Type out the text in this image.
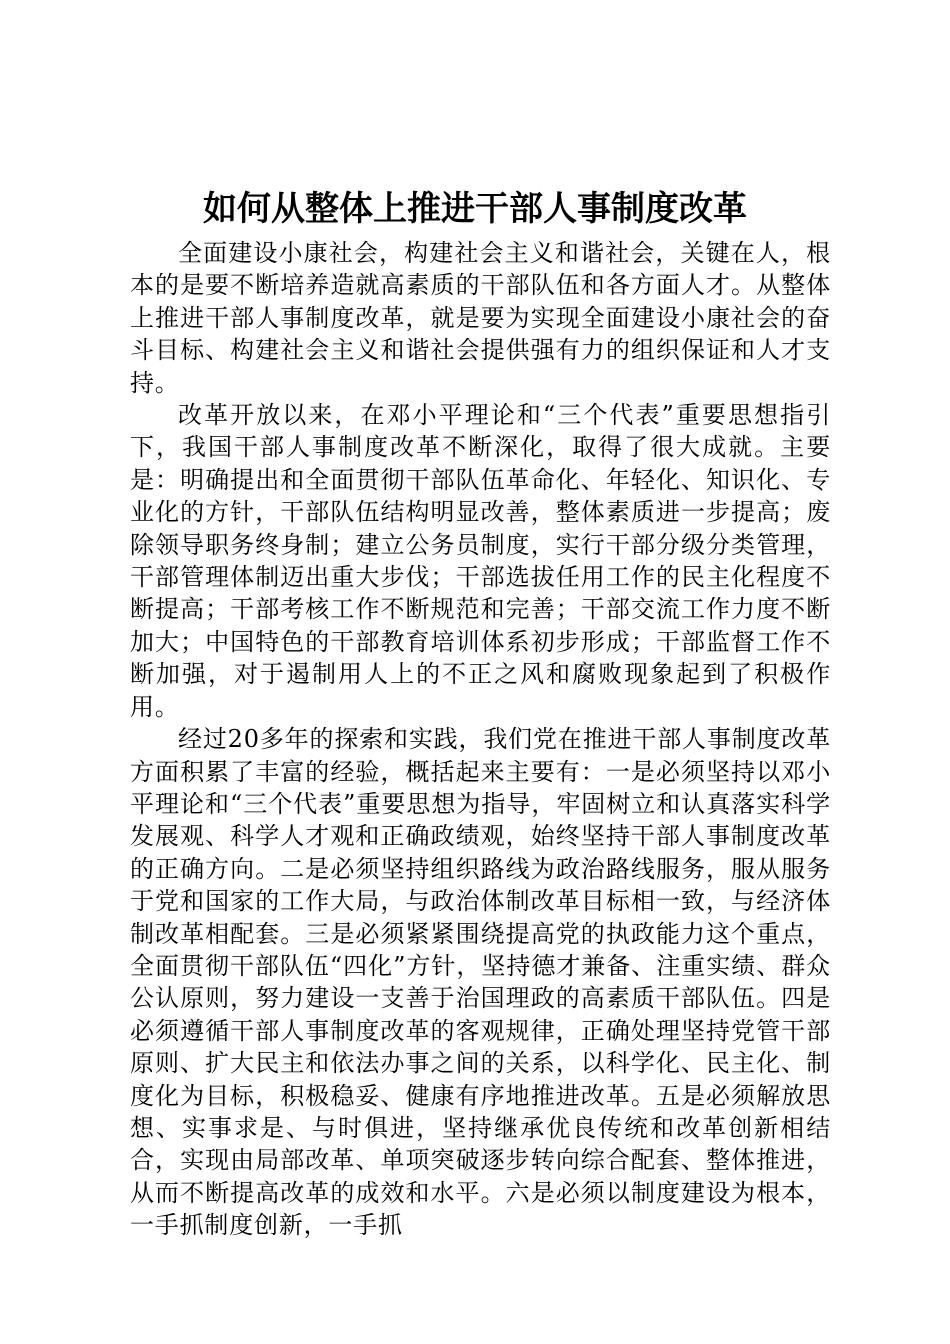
如何从整体上推进干部人事制度改革

全面建设小康社会，构建社会主义和谐社会，关键在人，根本的是要不断培养造就高素质的干部队伍和各方面人才。从整体上推进干部人事制度改革，就是要为实现全面建设小康社会的奋斗目标、构建社会主义和谐社会提供强有力的组织保证和人才支持。

改革开放以来，在邓小平理论和“三个代表”重要思想指引下，我国干部人事制度改革不断深化，取得了很大成就。主要是：明确提出和全面贯彻干部队伍革命化、年轻化、知识化、专业化的方针，干部队伍结构明显改善，整体素质进一步提高；废除领导职务终身制；建立公务员制度，实行干部分级分类管理，干部管理体制迈出重大步伐；干部选拔任用工作的民主化程度不断提高；干部考核工作不断规范和完善；干部交流工作力度不断加大；中国特色的干部教育培训体系初步形成；干部监督工作不断加强，对于遏制用人上的不正之风和腐败现象起到了积极作用。

经过20多年的探索和实践，我们党在推进干部人事制度改革方面积累了丰富的经验，概括起来主要有：一是必须坚持以邓小平理论和“三个代表”重要思想为指导，牢固树立和认真落实科学发展观、科学人才观和正确政绩观，始终坚持干部人事制度改革的正确方向。二是必须坚持组织路线为政治路线服务，服从服务于党和国家的工作大局，与政治体制改革目标相一致，与经济体制改革相配套。三是必须紧紧围绕提高党的执政能力这个重点，全面贯彻干部队伍“四化”方针，坚持德才兼备、注重实绩、群众公认原则，努力建设一支善于治国理政的高素质干部队伍。四是必须遵循干部人事制度改革的客观规律，正确处理坚持党管干部原则、扩大民主和依法办事之间的关系，以科学化、民主化、制度化为目标，积极稳妥、健康有序地推进改革。五是必须解放思想、实事求是、与时俱进，坚持继承优良传统和改革创新相结合，实现由局部改革、单项突破逐步转向综合配套、整体推进，从而不断提高改革的成效和水平。六是必须以制度建设为根本，一手抓制度创新，一手抓
